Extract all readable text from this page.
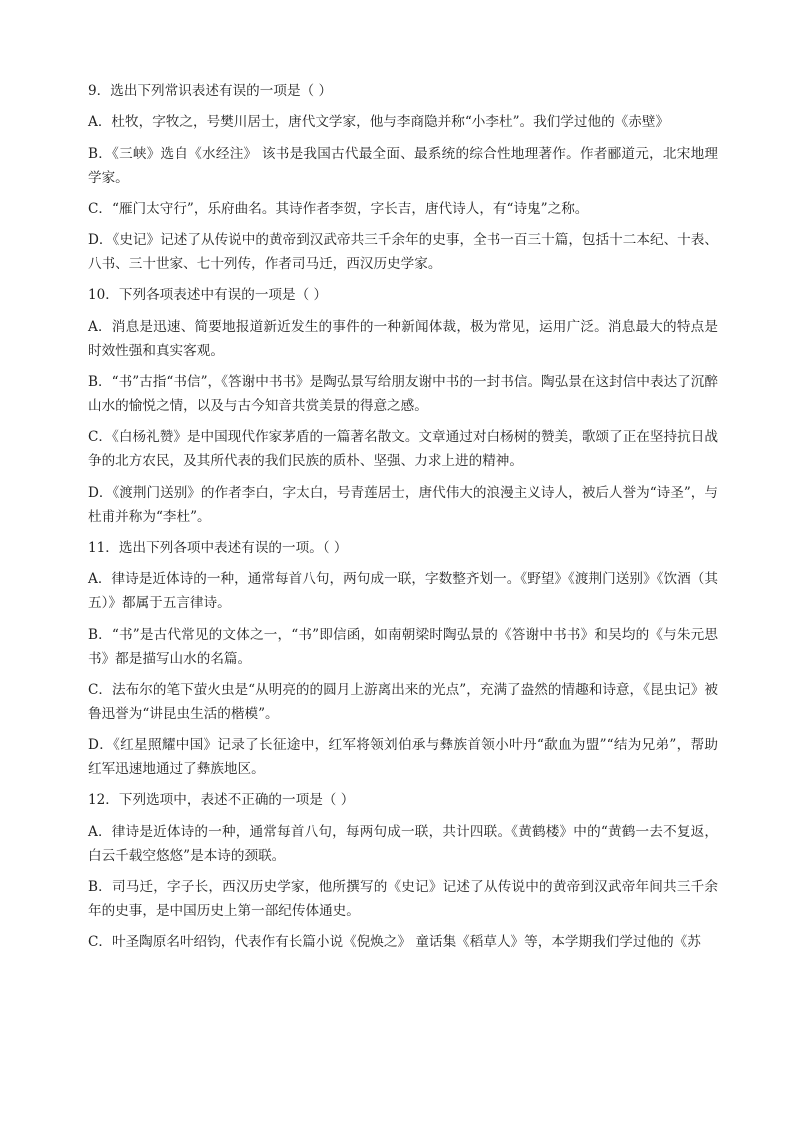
9．选出下列常识表述有误的一项是（ ）

A．杜牧，字牧之，号樊川居士，唐代文学家，他与李商隐并称“小李杜”。我们学过他的《赤壁》

B．《三峡》选自《水经注》 该书是我国古代最全面、最系统的综合性地理著作。作者郦道元，北宋地理学家。

C．“雁门太守行”，乐府曲名。其诗作者李贺，字长吉，唐代诗人，有“诗鬼”之称。

D．《史记》记述了从传说中的黄帝到汉武帝共三千余年的史事，全书一百三十篇，包括十二本纪、十表、八书、三十世家、七十列传，作者司马迁，西汉历史学家。

10．下列各项表述中有误的一项是（ ）

A．消息是迅速、简要地报道新近发生的事件的一种新闻体裁，极为常见，运用广泛。消息最大的特点是时效性强和真实客观。

B．“书”古指“书信”，《答谢中书书》是陶弘景写给朋友谢中书的一封书信。陶弘景在这封信中表达了沉醉山水的愉悦之情，以及与古今知音共赏美景的得意之感。

C．《白杨礼赞》是中国现代作家茅盾的一篇著名散文。文章通过对白杨树的赞美，歌颂了正在坚持抗日战争的北方农民，及其所代表的我们民族的质朴、坚强、力求上进的精神。

D．《渡荆门送别》的作者李白，字太白，号青莲居士，唐代伟大的浪漫主义诗人，被后人誉为“诗圣”，与杜甫并称为“李杜”。

11．选出下列各项中表述有误的一项。（ ）

A．律诗是近体诗的一种，通常每首八句，两句成一联，字数整齐划一。《野望》《渡荆门送别》《饮酒（其五）》都属于五言律诗。

B．“书”是古代常见的文体之一，“书”即信函，如南朝梁时陶弘景的《答谢中书书》和吴均的《与朱元思书》都是描写山水的名篇。

C．法布尔的笔下萤火虫是“从明亮的的圆月上游离出来的光点”，充满了盎然的情趣和诗意，《昆虫记》被鲁迅誉为“讲昆虫生活的楷模”。

D．《红星照耀中国》记录了长征途中，红军将领刘伯承与彝族首领小叶丹“歃血为盟”“结为兄弟”，帮助红军迅速地通过了彝族地区。

12．下列选项中，表述不正确的一项是（ ）

A．律诗是近体诗的一种，通常每首八句，每两句成一联，共计四联。《黄鹤楼》中的“黄鹤一去不复返，白云千载空悠悠”是本诗的颈联。

B．司马迁，字子长，西汉历史学家，他所撰写的《史记》记述了从传说中的黄帝到汉武帝年间共三千余年的史事，是中国历史上第一部纪传体通史。

C．叶圣陶原名叶绍钧，代表作有长篇小说《倪焕之》 童话集《稻草人》等，本学期我们学过他的《苏
